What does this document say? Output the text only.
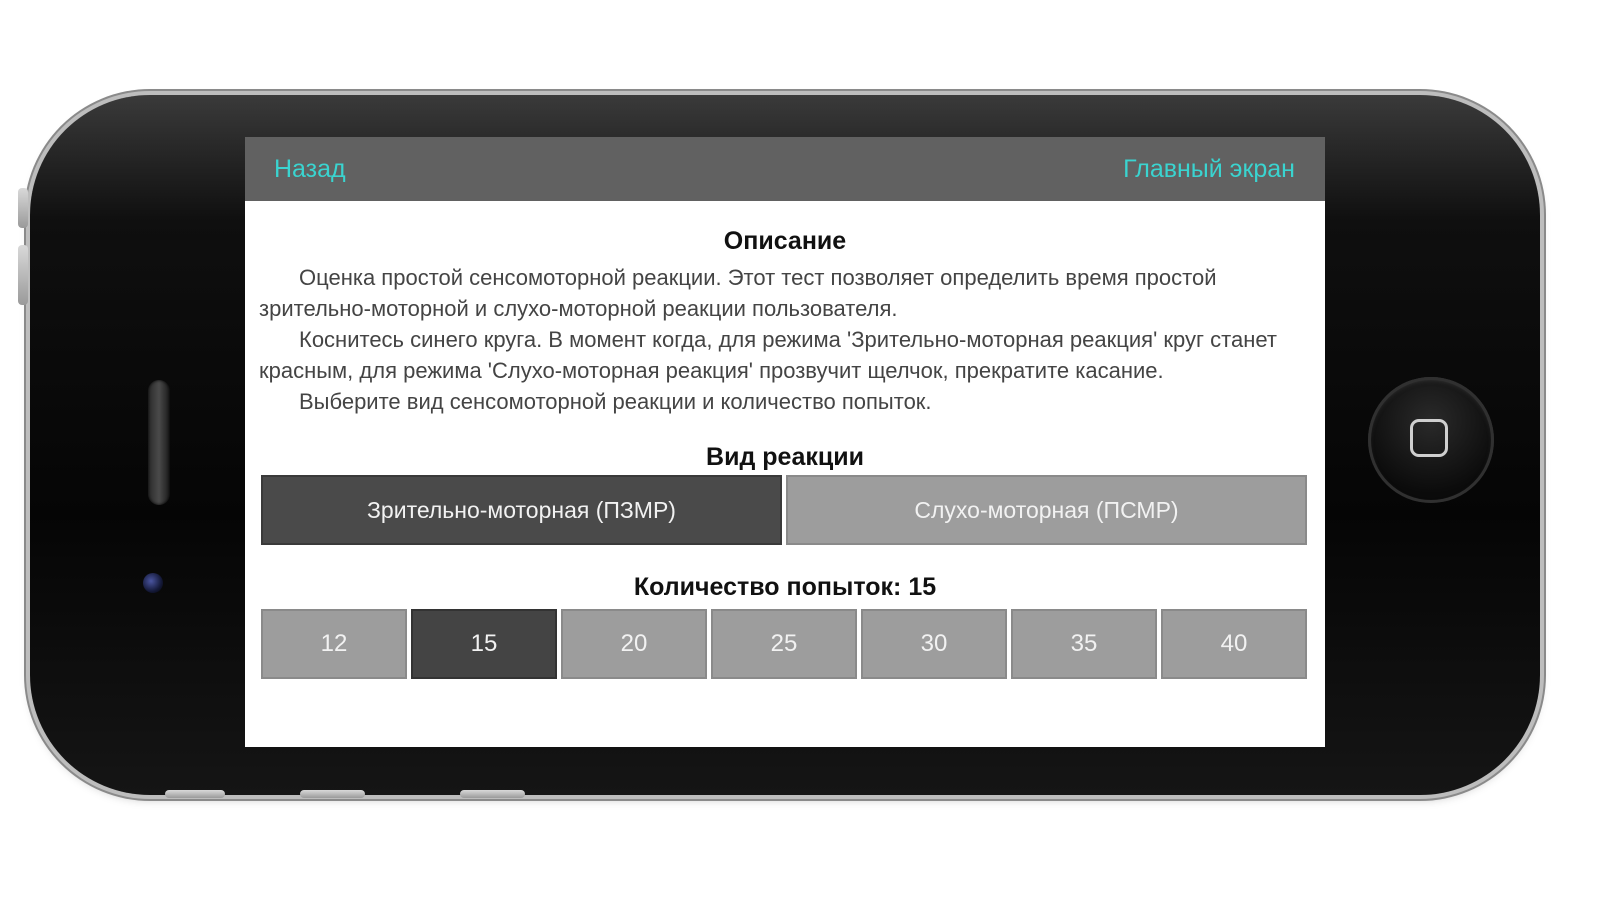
Назад	Главный экран
Описание

Оценка простой сенсомоторной реакции. Этот тест позволяет определить время простой зрительно-моторной и слухо-моторной реакции пользователя.

Коснитесь синего круга. В момент когда, для режима 'Зрительно-моторная реакция' круг станет красным, для режима 'Слухо-моторная реакция' прозвучит щелчок, прекратите касание.

Выберите вид сенсомоторной реакции и количество попыток.

Вид реакции
Зрительно-моторная (ПЗМР)	Слухо-моторная (ПСМР)
Количество попыток: 15
12	15	20	25	30	35	40
